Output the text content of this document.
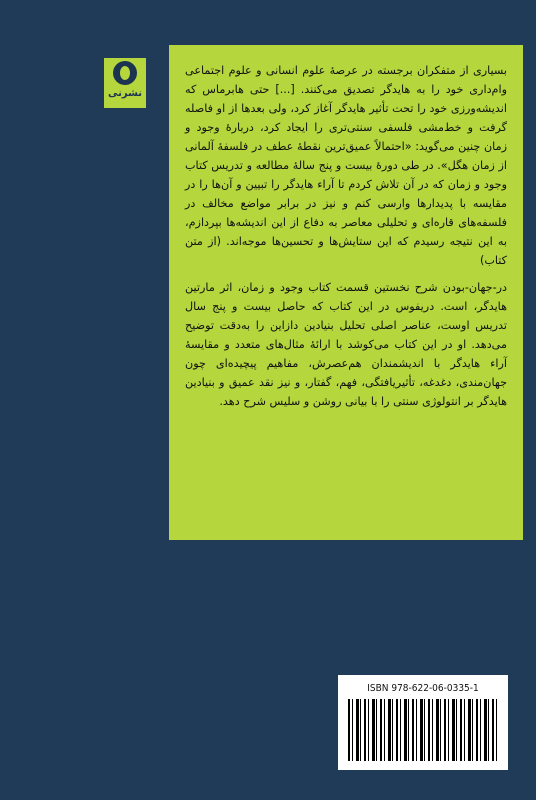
نشرنی

بسیاری از متفکران برجسته در عرصهٔ علوم انسانی و علوم اجتماعی وام‌داری خود را به هایدگر تصدیق می‌کنند. [...] حتی هابرماس که اندیشه‌ورزی خود را تحت تأثیر هایدگر آغاز کرد، ولی بعدها از او فاصله گرفت و خط‌مشی فلسفی سنتی‌تری را ایجاد کرد، دربارهٔ وجود و زمان چنین می‌گوید: «احتمالاً عمیق‌ترین نقطهٔ عطف در فلسفهٔ آلمانی از زمان هگل». در طی دورهٔ بیست و پنج سالهٔ مطالعه و تدریس کتاب وجود و زمان که در آن تلاش کردم تا آراء هایدگر را تبیین و آن‌ها را در مقایسه با پدیدارها وارسی کنم و نیز در برابر مواضع مخالف در فلسفه‌های قاره‌ای و تحلیلی معاصر به دفاع از این اندیشه‌ها بپردازم، به این نتیجه رسیدم که این ستایش‌ها و تحسین‌ها موجه‌اند. (از متن کتاب)

در-جهان-بودن شرح نخستین قسمت کتاب وجود و زمان، اثر مارتین هایدگر، است. دریفوس در این کتاب که حاصل بیست و پنج سال تدریس اوست، عناصر اصلی تحلیل بنیادین دازاین را به‌دقت توضیح می‌دهد. او در این کتاب می‌کوشد با ارائهٔ مثال‌های متعدد و مقایسهٔ آراء هایدگر با اندیشمندان هم‌عصرش، مفاهیم پیچیده‌ای چون جهان‌مندی، دغدغه، تأثیریافتگی، فهم، گفتار، و نیز نقد عمیق و بنیادین هایدگر بر انتولوژی سنتی را با بیانی روشن و سلیس شرح دهد.

ISBN 978-622-06-0335-1
